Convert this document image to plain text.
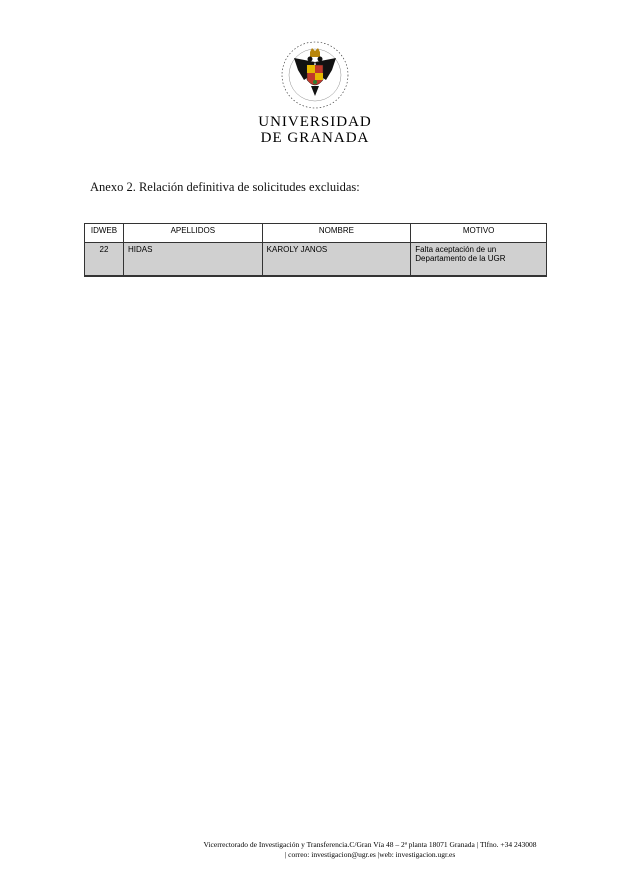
UNIVERSIDAD
DE GRANADA
Anexo 2. Relación definitiva de solicitudes excluidas:
IDWEB	APELLIDOS	NOMBRE	MOTIVO
22	HIDAS	KAROLY JANOS	Falta aceptación de un Departamento de la UGR
Vicerrectorado de Investigación y Transferencia.C/Gran Vía 48 – 2ª planta 18071 Granada | Tlfno. +34 243008
| correo: investigacion@ugr.es |web: investigacion.ugr.es
